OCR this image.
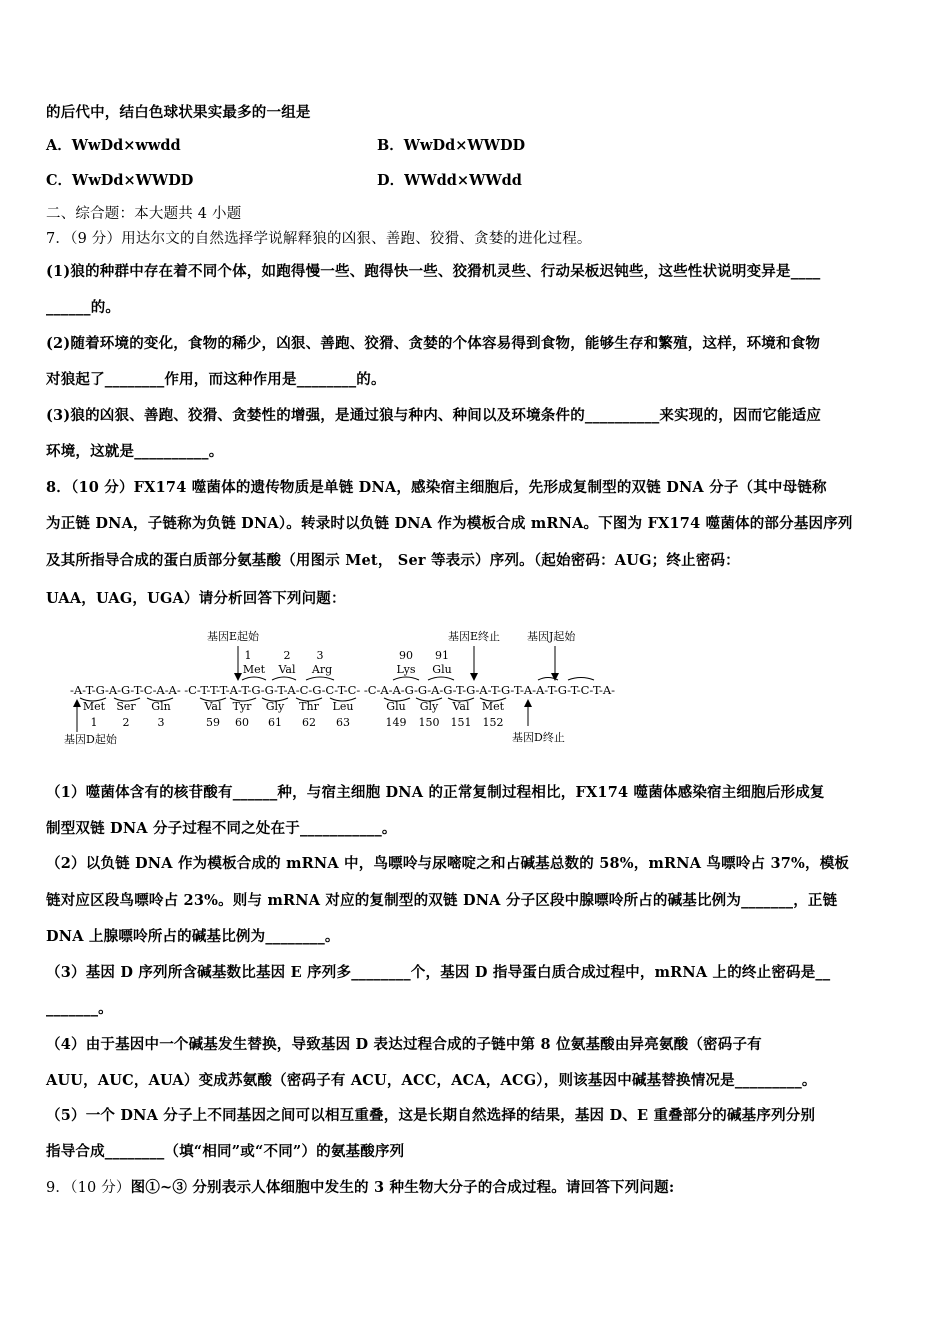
的后代中，结白色球状果实最多的一组是
A．WwDd×wwdd	B．WwDd×WWDD
C．WwDd×WWDD	D．WWdd×WWdd
二、综合题：本大题共 4 小题
7．（9 分）用达尔文的自然选择学说解释狼的凶狠、善跑、狡猾、贪婪的进化过程。
(1)狼的种群中存在着不同个体，如跑得慢一些、跑得快一些、狡猾机灵些、行动呆板迟钝些，这些性状说明变异是____
______的。
(2)随着环境的变化，食物的稀少，凶狠、善跑、狡猾、贪婪的个体容易得到食物，能够生存和繁殖，这样，环境和食物
对狼起了________作用，而这种作用是________的。
(3)狼的凶狠、善跑、狡猾、贪婪性的增强，是通过狼与种内、种间以及环境条件的__________来实现的，因而它能适应
环境，这就是__________。
8．（10 分）FX174 噬菌体的遗传物质是单链 DNA，感染宿主细胞后，先形成复制型的双链 DNA 分子（其中母链称
为正链 DNA，子链称为负链 DNA）。转录时以负链 DNA 作为模板合成 mRNA。下图为 FX174 噬菌体的部分基因序列
及其所指导合成的蛋白质部分氨基酸（用图示 Met， Ser 等表示）序列。（起始密码：AUG；终止密码：
UAA，UAG，UGA）请分析回答下列问题：
基因E起始	基因E终止 基因J起始
1	2 3	90 91
Met Val Arg	Lys Glu
-A-T-G-A-G-T-C-A-A- -C-T-T-T-A-T-G-G-T-A-C-G-C-T-C- -C-A-A-G-G-A-G-T-G-A-T-G-T-A-A-T-G-T-C-T-A-
Met Ser Gln	Val Tyr Gly Thr Leu	Glu Gly Val Met
1 2	3	59 60 61 62 63	149 150 151 152
基因D起始	基因D终止
（1）噬菌体含有的核苷酸有______种，与宿主细胞 DNA 的正常复制过程相比，FX174 噬菌体感染宿主细胞后形成复
制型双链 DNA 分子过程不同之处在于___________。
（2）以负链 DNA 作为模板合成的 mRNA 中，鸟嘌呤与尿嘧啶之和占碱基总数的 58%，mRNA 鸟嘌呤占 37%，模板
链对应区段鸟嘌呤占 23%。则与 mRNA 对应的复制型的双链 DNA 分子区段中腺嘌呤所占的碱基比例为_______，正链
DNA 上腺嘌呤所占的碱基比例为________。
（3）基因 D 序列所含碱基数比基因 E 序列多________个，基因 D 指导蛋白质合成过程中，mRNA 上的终止密码是__
_______。
（4）由于基因中一个碱基发生替换，导致基因 D 表达过程合成的子链中第 8 位氨基酸由异亮氨酸（密码子有
AUU，AUC，AUA）变成苏氨酸（密码子有 ACU，ACC，ACA，ACG），则该基因中碱基替换情况是_________。
（5）一个 DNA 分子上不同基因之间可以相互重叠，这是长期自然选择的结果，基因 D、E 重叠部分的碱基序列分别
指导合成________（填“相同”或“不同”）的氨基酸序列
9．（10 分）图①~③ 分别表示人体细胞中发生的 3 种生物大分子的合成过程。请回答下列问题:
